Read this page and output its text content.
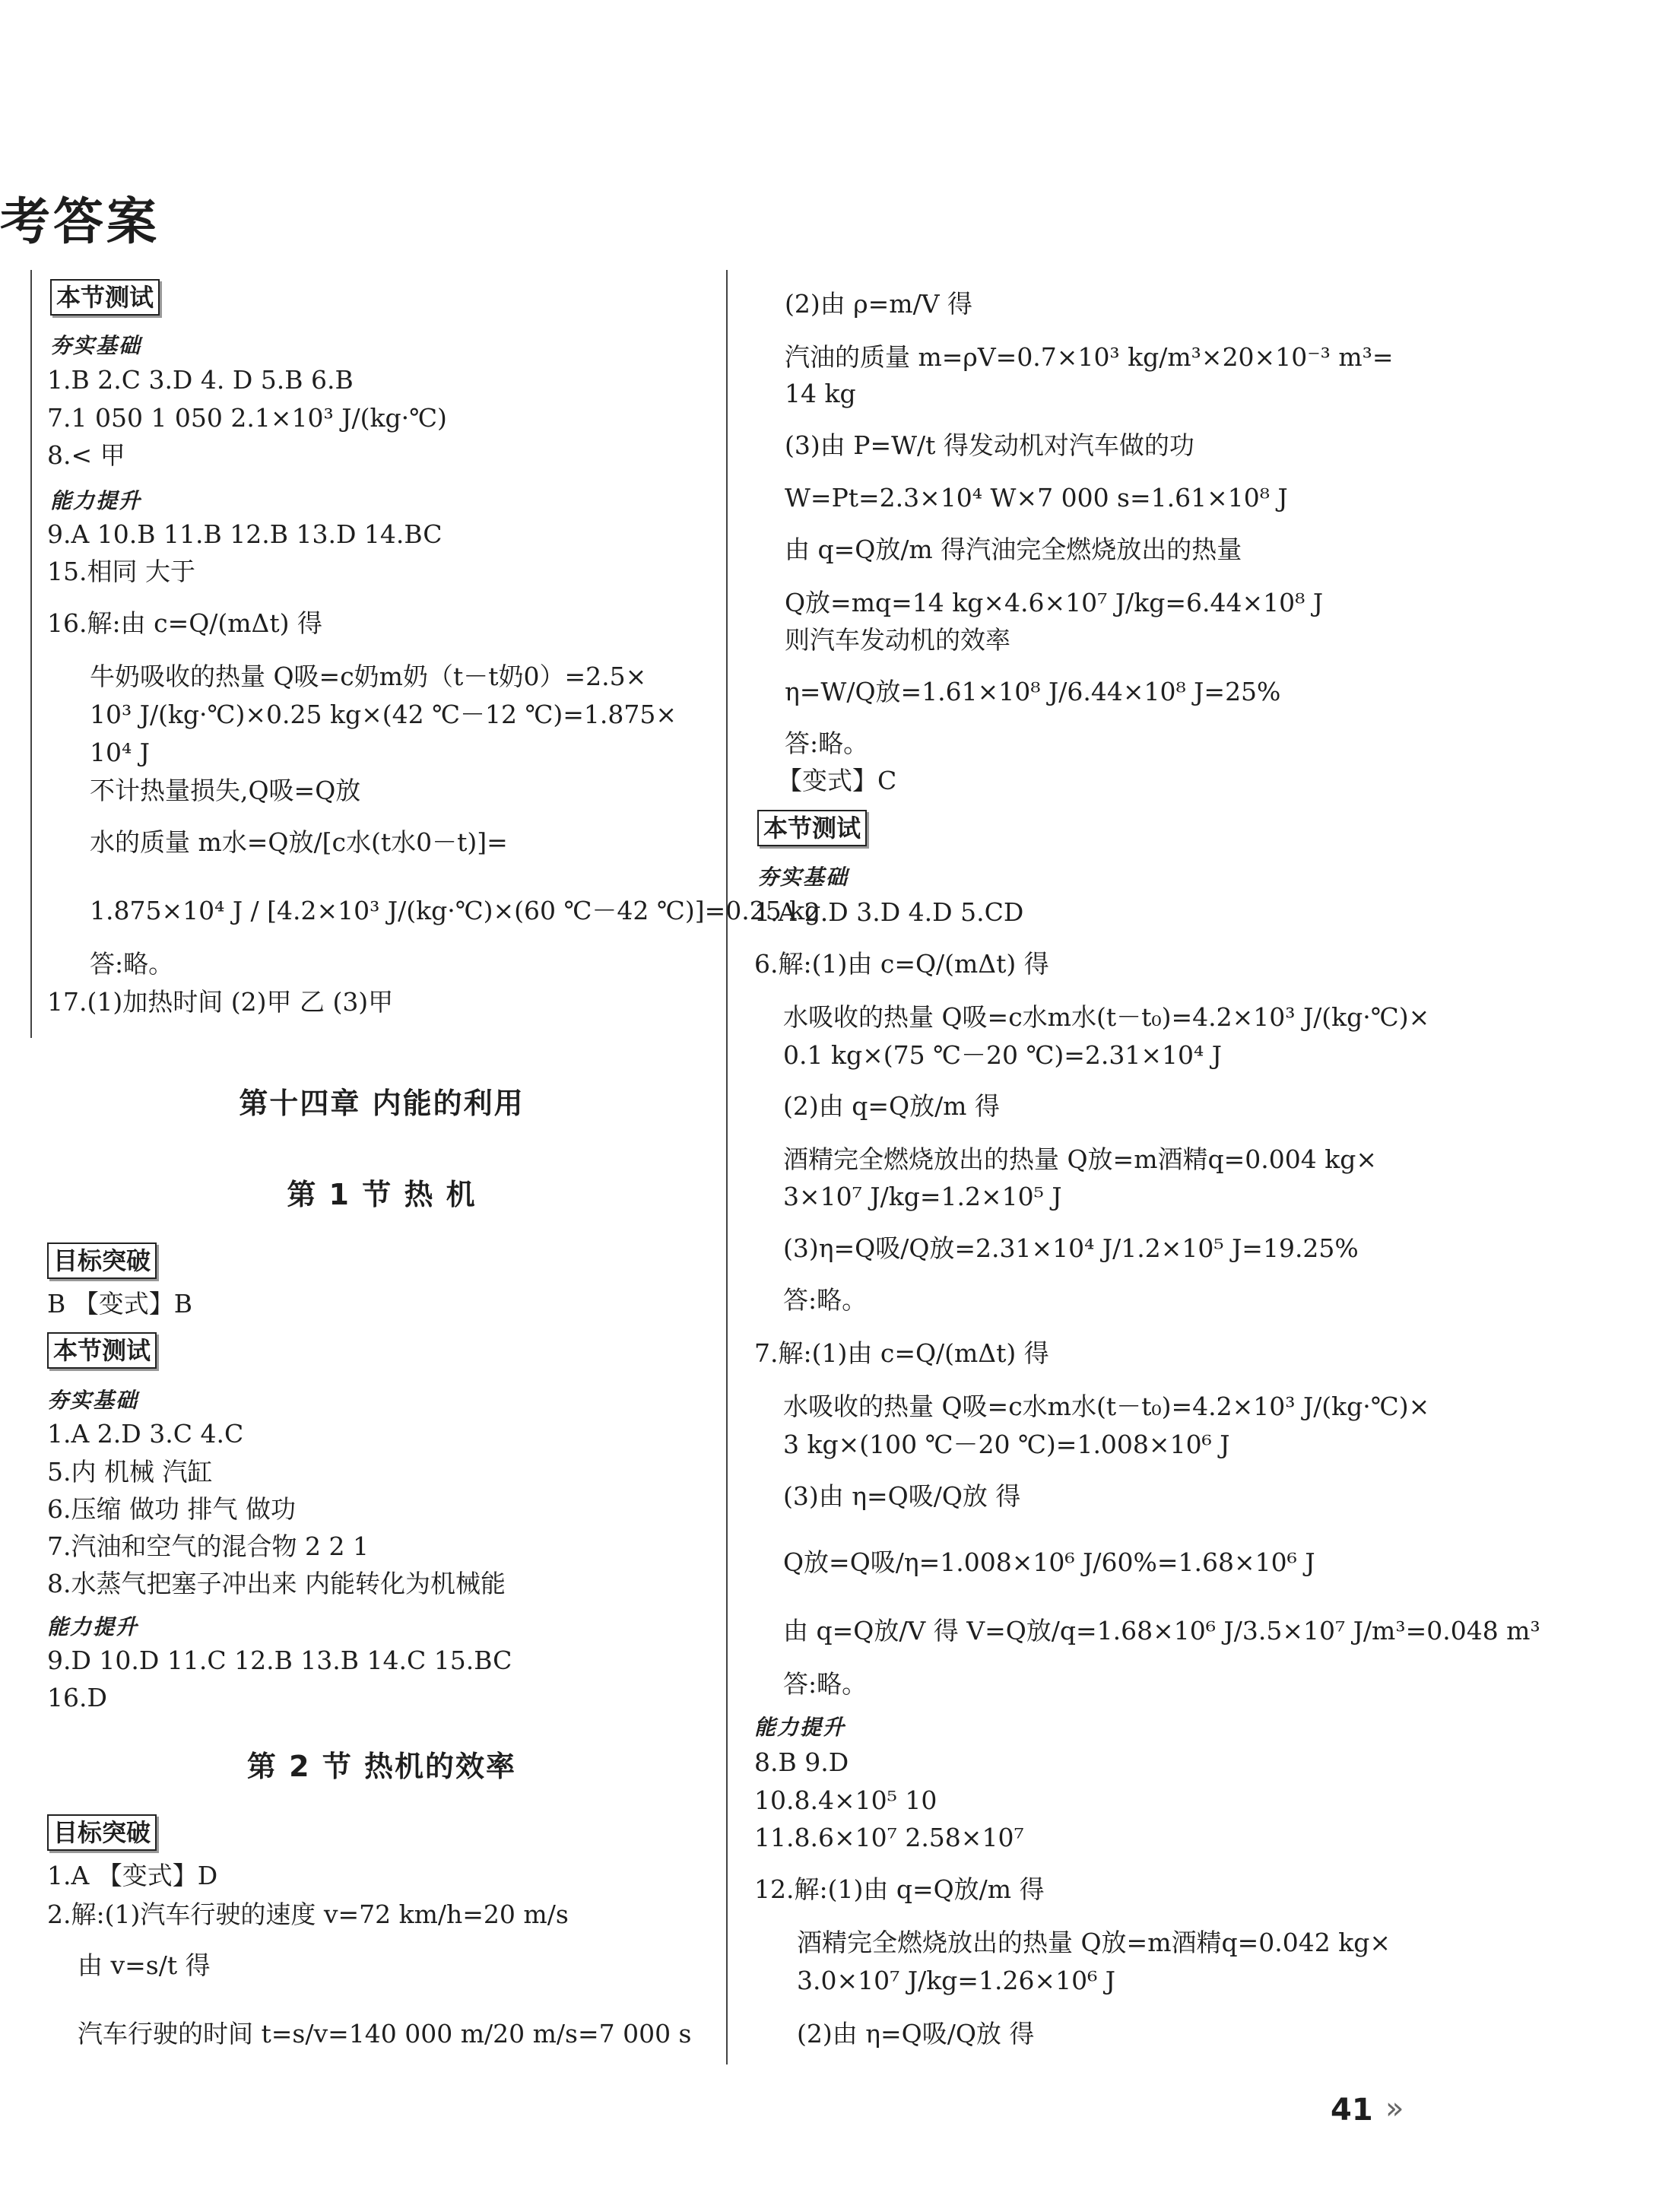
考答案
本节测试
夯实基础
1.B 2.C 3.D 4. D 5.B 6.B
7.1 050 1 050 2.1×10³ J/(kg·℃)
8.< 甲
能力提升
9.A 10.B 11.B 12.B 13.D 14.BC
15.相同 大于
16.解:由 c=Q/(mΔt) 得
牛奶吸收的热量 Q吸=c奶m奶（t－t奶0）=2.5×
10³ J/(kg·℃)×0.25 kg×(42 ℃－12 ℃)=1.875×
10⁴ J
不计热量损失,Q吸=Q放
水的质量 m水=Q放/[c水(t水0－t)]=
1.875×10⁴ J / [4.2×10³ J/(kg·℃)×(60 ℃－42 ℃)]=0.25 kg
答:略。
17.(1)加热时间 (2)甲 乙 (3)甲
第十四章 内能的利用
第 1 节 热 机
目标突破
B 【变式】B
本节测试
夯实基础
1.A 2.D 3.C 4.C
5.内 机械 汽缸
6.压缩 做功 排气 做功
7.汽油和空气的混合物 2 2 1
8.水蒸气把塞子冲出来 内能转化为机械能
能力提升
9.D 10.D 11.C 12.B 13.B 14.C 15.BC
16.D
第 2 节 热机的效率
目标突破
1.A 【变式】D
2.解:(1)汽车行驶的速度 v=72 km/h=20 m/s
由 v=s/t 得
汽车行驶的时间 t=s/v=140 000 m/20 m/s=7 000 s
(2)由 ρ=m/V 得
汽油的质量 m=ρV=0.7×10³ kg/m³×20×10⁻³ m³=
14 kg
(3)由 P=W/t 得发动机对汽车做的功
W=Pt=2.3×10⁴ W×7 000 s=1.61×10⁸ J
由 q=Q放/m 得汽油完全燃烧放出的热量
Q放=mq=14 kg×4.6×10⁷ J/kg=6.44×10⁸ J
则汽车发动机的效率
η=W/Q放=1.61×10⁸ J/6.44×10⁸ J=25%
答:略。
【变式】C
本节测试
夯实基础
1.A 2.D 3.D 4.D 5.CD
6.解:(1)由 c=Q/(mΔt) 得
水吸收的热量 Q吸=c水m水(t－t₀)=4.2×10³ J/(kg·℃)×
0.1 kg×(75 ℃－20 ℃)=2.31×10⁴ J
(2)由 q=Q放/m 得
酒精完全燃烧放出的热量 Q放=m酒精q=0.004 kg×
3×10⁷ J/kg=1.2×10⁵ J
(3)η=Q吸/Q放=2.31×10⁴ J/1.2×10⁵ J=19.25%
答:略。
7.解:(1)由 c=Q/(mΔt) 得
水吸收的热量 Q吸=c水m水(t－t₀)=4.2×10³ J/(kg·℃)×
3 kg×(100 ℃－20 ℃)=1.008×10⁶ J
(3)由 η=Q吸/Q放 得
Q放=Q吸/η=1.008×10⁶ J/60%=1.68×10⁶ J
由 q=Q放/V 得 V=Q放/q=1.68×10⁶ J/3.5×10⁷ J/m³=0.048 m³
答:略。
能力提升
8.B 9.D
10.8.4×10⁵ 10
11.8.6×10⁷ 2.58×10⁷
12.解:(1)由 q=Q放/m 得
酒精完全燃烧放出的热量 Q放=m酒精q=0.042 kg×
3.0×10⁷ J/kg=1.26×10⁶ J
(2)由 η=Q吸/Q放 得
41 »
